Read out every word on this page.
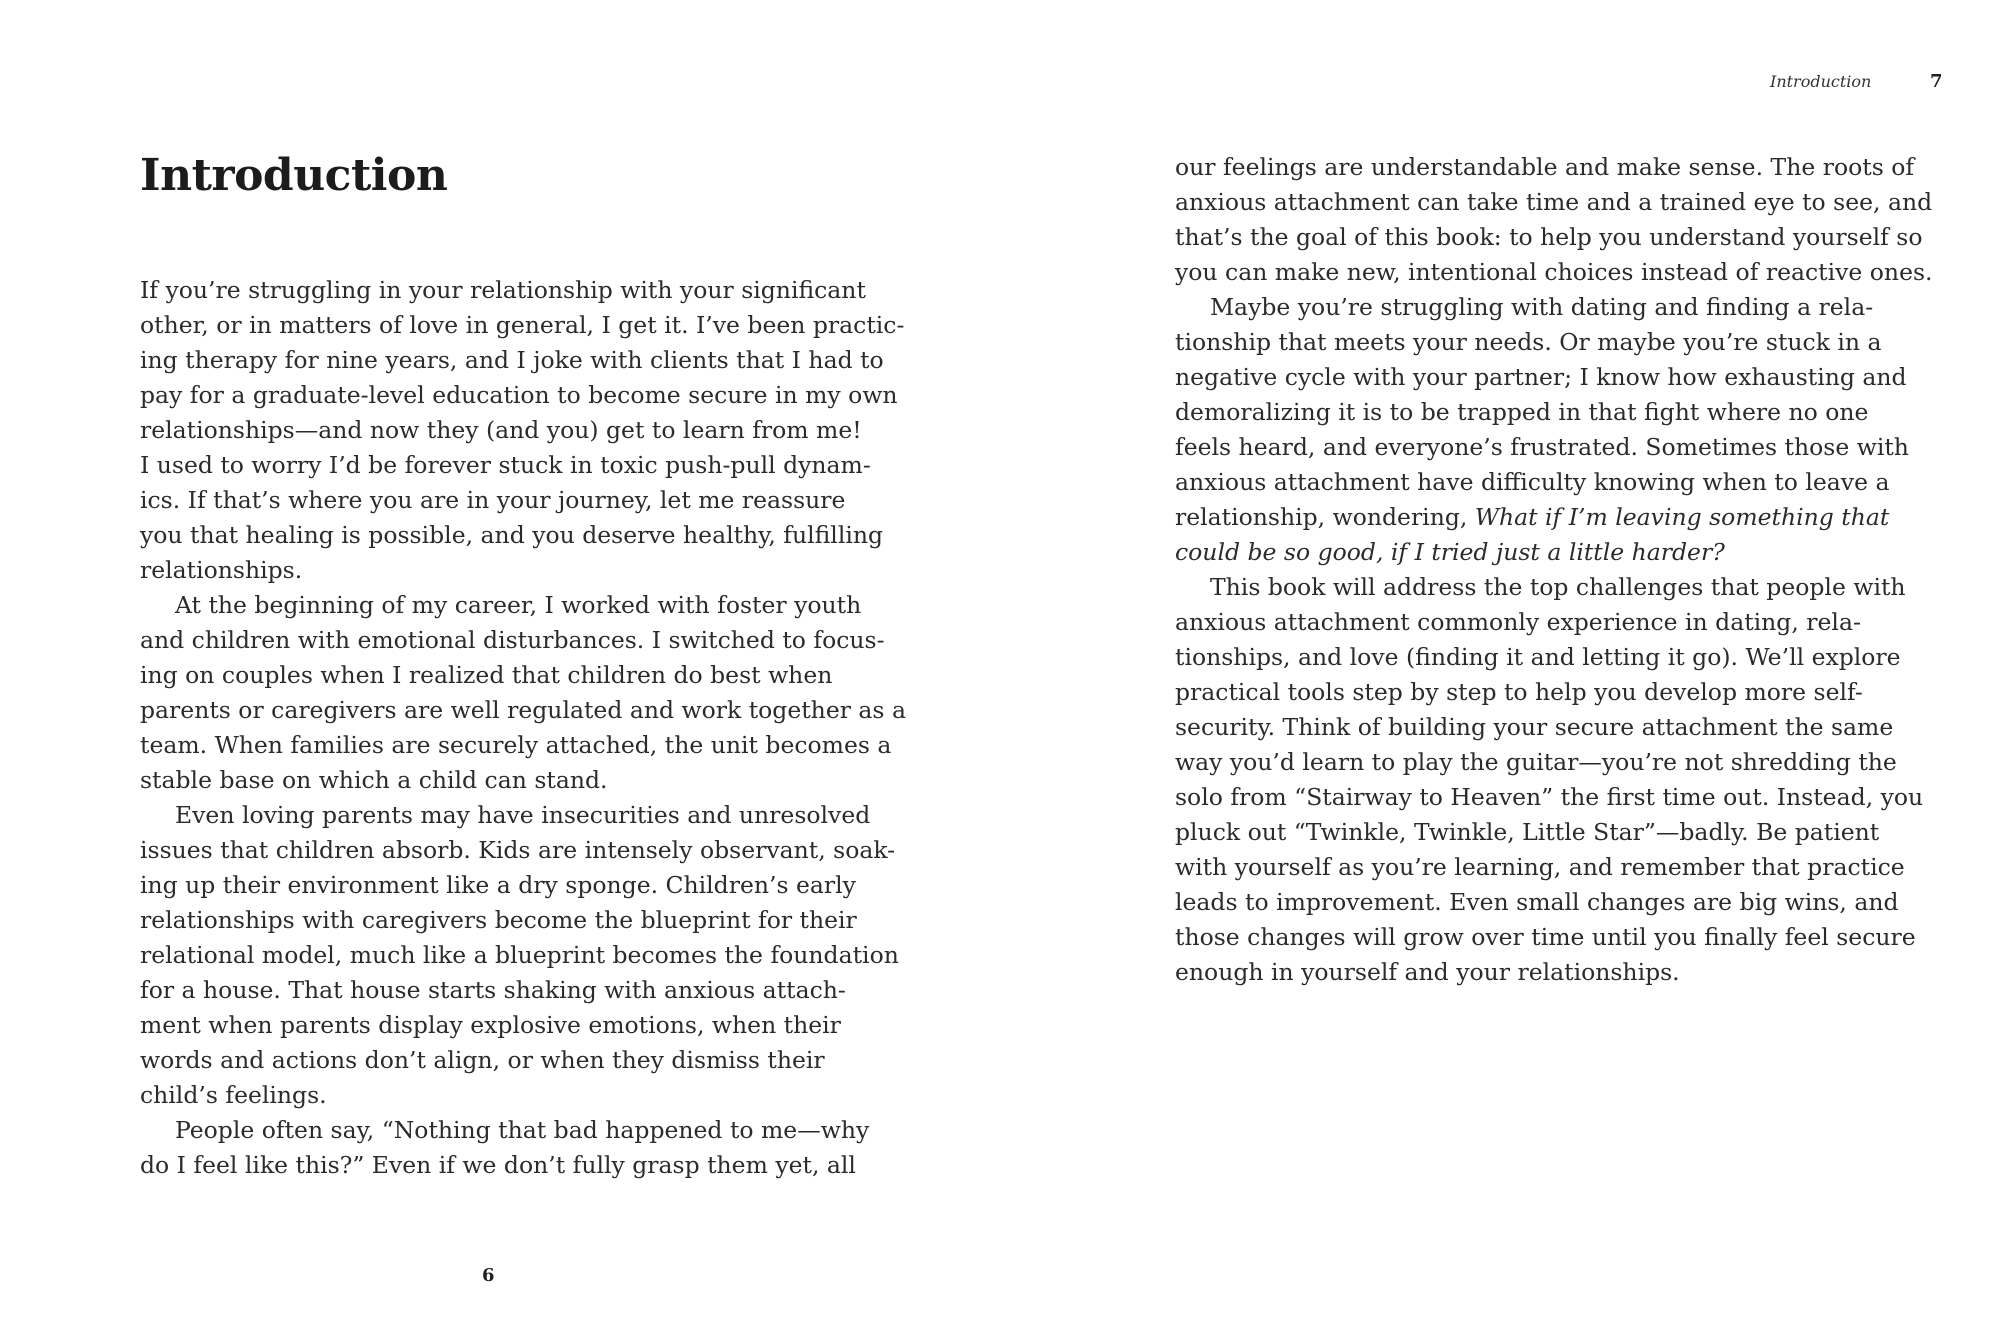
Introduction
If you’re struggling in your relationship with your significant
other, or in matters of love in general, I get it. I’ve been practic-
ing therapy for nine years, and I joke with clients that I had to
pay for a graduate-level education to become secure in my own
relationships—and now they (and you) get to learn from me!
I used to worry I’d be forever stuck in toxic push-pull dynam-
ics. If that’s where you are in your journey, let me reassure
you that healing is possible, and you deserve healthy, fulfilling
relationships.
At the beginning of my career, I worked with foster youth
and children with emotional disturbances. I switched to focus-
ing on couples when I realized that children do best when
parents or caregivers are well regulated and work together as a
team. When families are securely attached, the unit becomes a
stable base on which a child can stand.
Even loving parents may have insecurities and unresolved
issues that children absorb. Kids are intensely observant, soak-
ing up their environment like a dry sponge. Children’s early
relationships with caregivers become the blueprint for their
relational model, much like a blueprint becomes the foundation
for a house. That house starts shaking with anxious attach-
ment when parents display explosive emotions, when their
words and actions don’t align, or when they dismiss their
child’s feelings.
People often say, “Nothing that bad happened to me—why
do I feel like this?” Even if we don’t fully grasp them yet, all
6
Introduction	7
our feelings are understandable and make sense. The roots of
anxious attachment can take time and a trained eye to see, and
that’s the goal of this book: to help you understand yourself so
you can make new, intentional choices instead of reactive ones.
Maybe you’re struggling with dating and finding a rela-
tionship that meets your needs. Or maybe you’re stuck in a
negative cycle with your partner; I know how exhausting and
demoralizing it is to be trapped in that fight where no one
feels heard, and everyone’s frustrated. Sometimes those with
anxious attachment have difficulty knowing when to leave a
relationship, wondering, What if I’m leaving something that
could be so good, if I tried just a little harder?
This book will address the top challenges that people with
anxious attachment commonly experience in dating, rela-
tionships, and love (finding it and letting it go). We’ll explore
practical tools step by step to help you develop more self-
security. Think of building your secure attachment the same
way you’d learn to play the guitar—you’re not shredding the
solo from “Stairway to Heaven” the first time out. Instead, you
pluck out “Twinkle, Twinkle, Little Star”—badly. Be patient
with yourself as you’re learning, and remember that practice
leads to improvement. Even small changes are big wins, and
those changes will grow over time until you finally feel secure
enough in yourself and your relationships.
